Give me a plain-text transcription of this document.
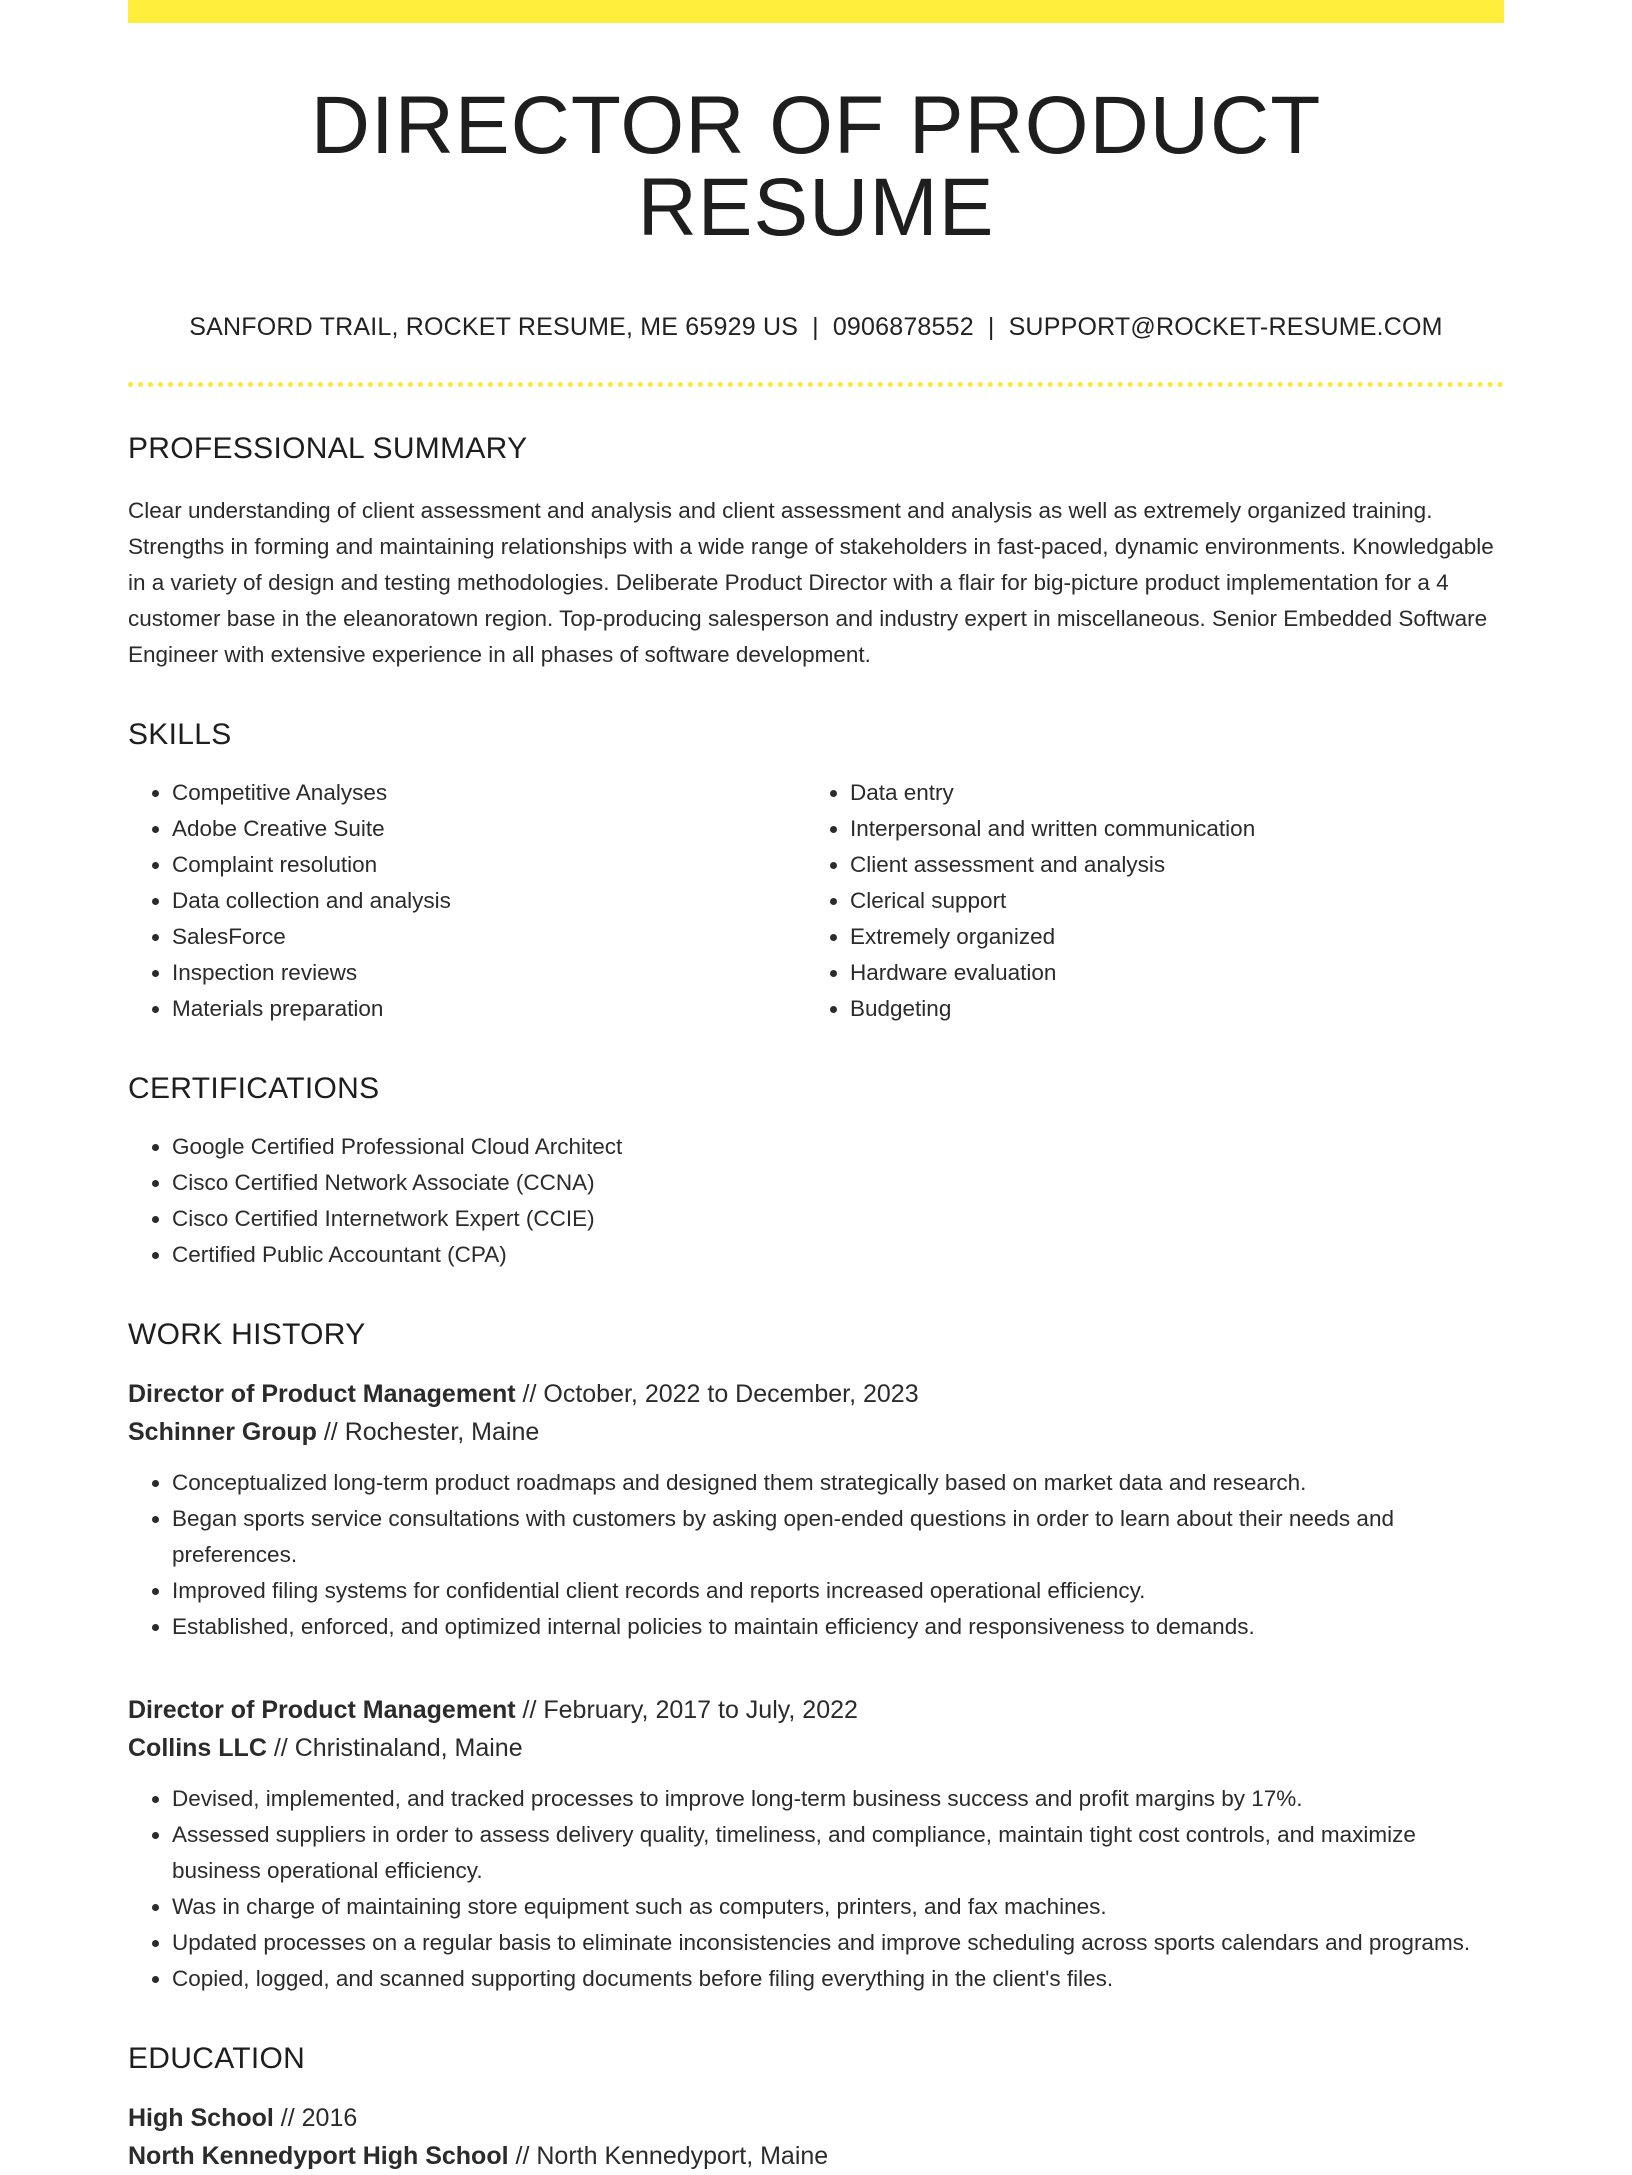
DIRECTOR OF PRODUCT RESUME
SANFORD TRAIL, ROCKET RESUME, ME 65929 US | 0906878552 | SUPPORT@ROCKET-RESUME.COM
PROFESSIONAL SUMMARY
Clear understanding of client assessment and analysis and client assessment and analysis as well as extremely organized training. Strengths in forming and maintaining relationships with a wide range of stakeholders in fast-paced, dynamic environments. Knowledgable in a variety of design and testing methodologies. Deliberate Product Director with a flair for big-picture product implementation for a 4 customer base in the eleanoratown region. Top-producing salesperson and industry expert in miscellaneous. Senior Embedded Software Engineer with extensive experience in all phases of software development.
SKILLS
• Competitive Analyses
• Adobe Creative Suite
• Complaint resolution
• Data collection and analysis
• SalesForce
• Inspection reviews
• Materials preparation
• Data entry
• Interpersonal and written communication
• Client assessment and analysis
• Clerical support
• Extremely organized
• Hardware evaluation
• Budgeting
CERTIFICATIONS
• Google Certified Professional Cloud Architect
• Cisco Certified Network Associate (CCNA)
• Cisco Certified Internetwork Expert (CCIE)
• Certified Public Accountant (CPA)
WORK HISTORY
Director of Product Management // October, 2022 to December, 2023
Schinner Group // Rochester, Maine
• Conceptualized long-term product roadmaps and designed them strategically based on market data and research.
• Began sports service consultations with customers by asking open-ended questions in order to learn about their needs and preferences.
• Improved filing systems for confidential client records and reports increased operational efficiency.
• Established, enforced, and optimized internal policies to maintain efficiency and responsiveness to demands.
Director of Product Management // February, 2017 to July, 2022
Collins LLC // Christinaland, Maine
• Devised, implemented, and tracked processes to improve long-term business success and profit margins by 17%.
• Assessed suppliers in order to assess delivery quality, timeliness, and compliance, maintain tight cost controls, and maximize business operational efficiency.
• Was in charge of maintaining store equipment such as computers, printers, and fax machines.
• Updated processes on a regular basis to eliminate inconsistencies and improve scheduling across sports calendars and programs.
• Copied, logged, and scanned supporting documents before filing everything in the client's files.
EDUCATION
High School // 2016
North Kennedyport High School // North Kennedyport, Maine
